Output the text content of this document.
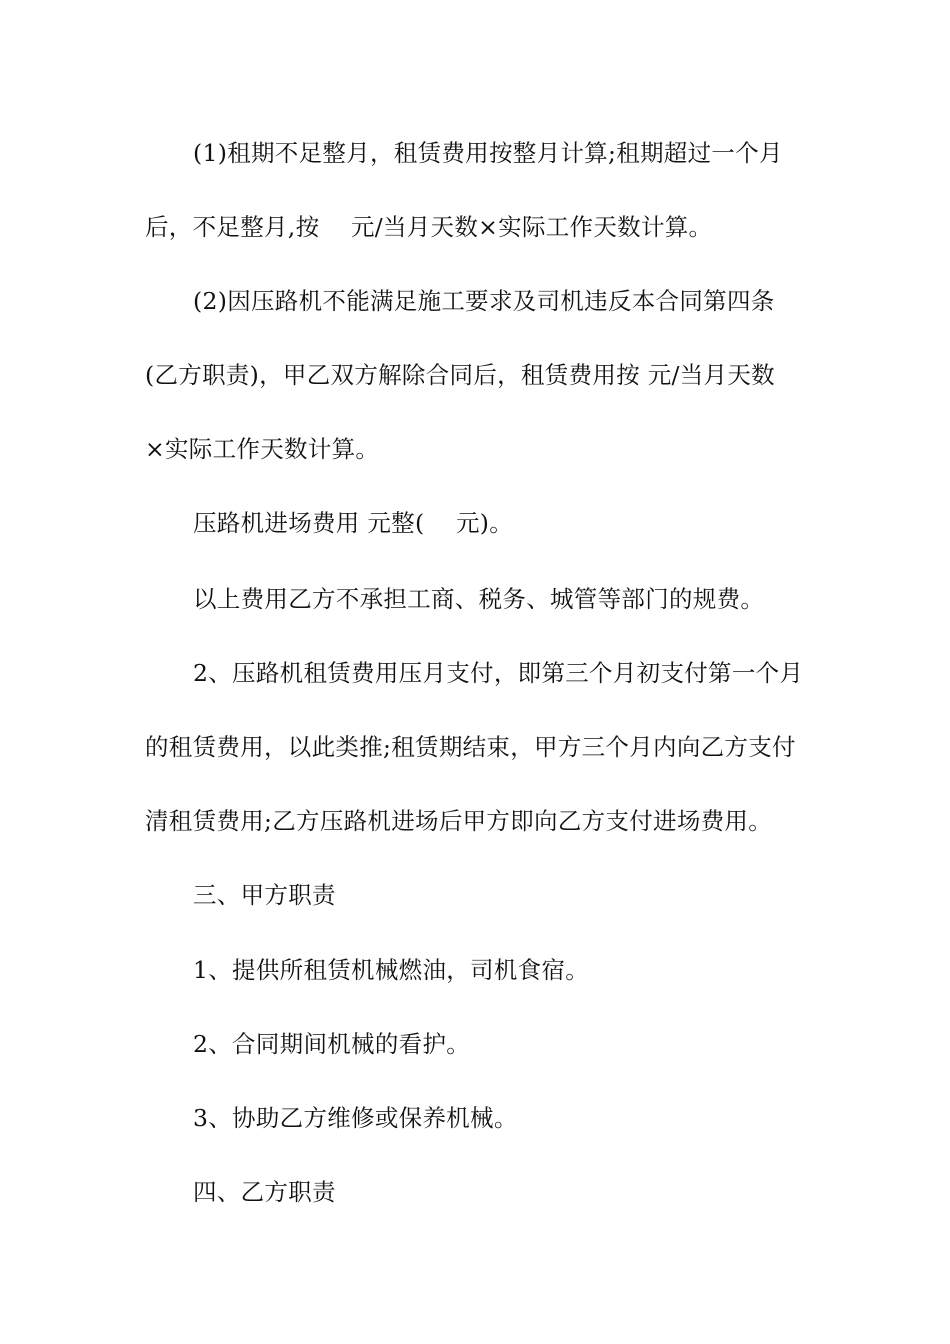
(1)租期不足整月，租赁费用按整月计算;租期超过一个月
后，不足整月,按　 元/当月天数×实际工作天数计算。
(2)因压路机不能满足施工要求及司机违反本合同第四条
(乙方职责)，甲乙双方解除合同后，租赁费用按 元/当月天数
×实际工作天数计算。
压路机进场费用 元整(　 元)。
以上费用乙方不承担工商、税务、城管等部门的规费。
2、压路机租赁费用压月支付，即第三个月初支付第一个月
的租赁费用，以此类推;租赁期结束，甲方三个月内向乙方支付
清租赁费用;乙方压路机进场后甲方即向乙方支付进场费用。
三、甲方职责
1、提供所租赁机械燃油，司机食宿。
2、合同期间机械的看护。
3、协助乙方维修或保养机械。
四、乙方职责
